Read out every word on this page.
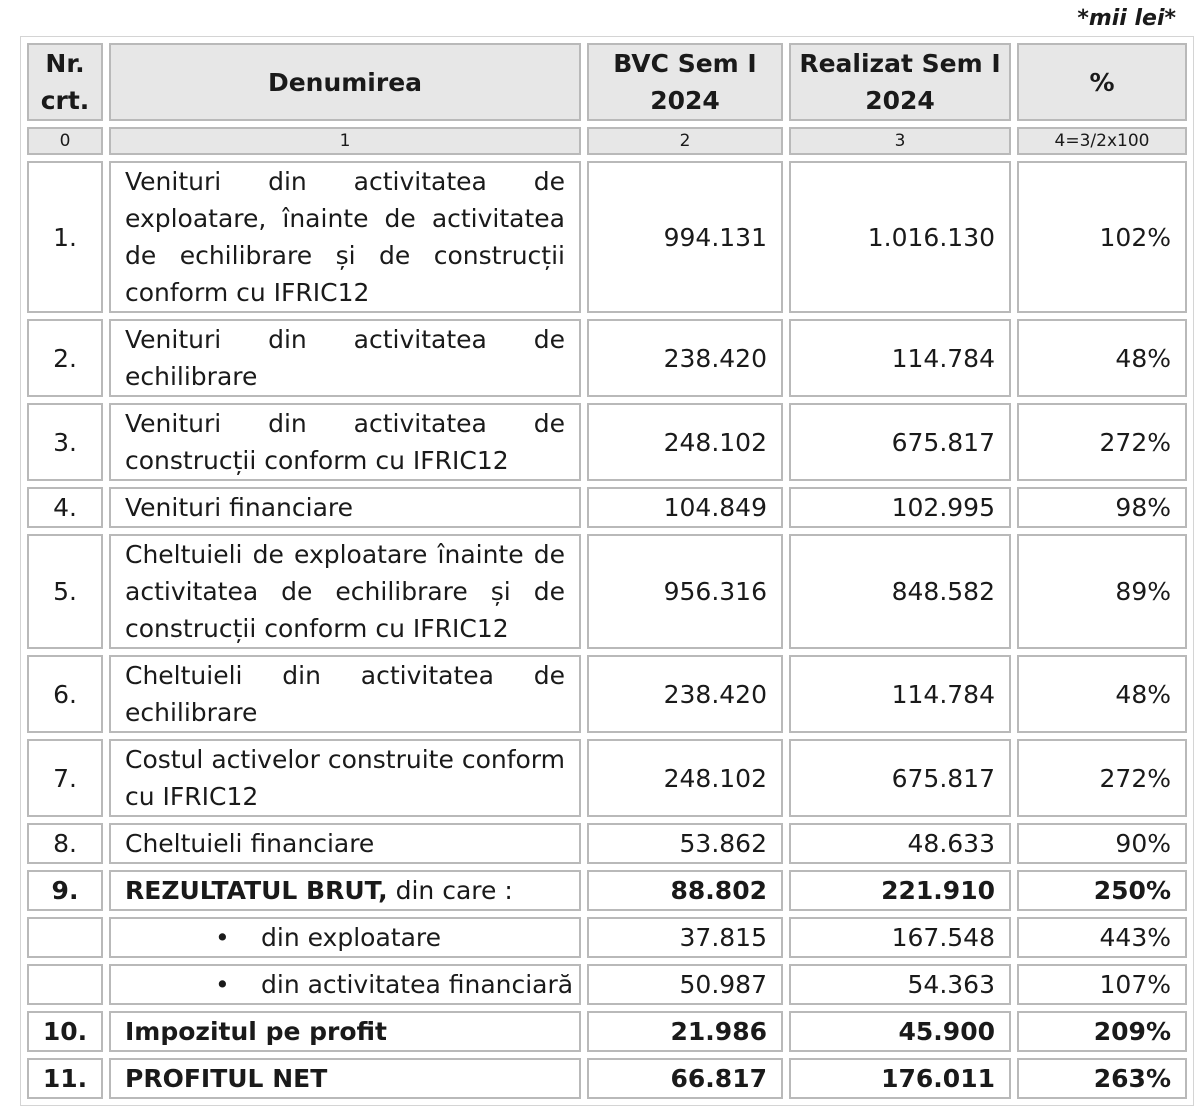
*mii lei*
Nr. crt.	Denumirea	BVC Sem I 2024	Realizat Sem I 2024	%
0	1	2	3	4=3/2x100
1.	Venituri din activitatea de exploatare, înainte de activitatea de echilibrare și de construcții conform cu IFRIC12	994.131	1.016.130	102%
2.	Venituri din activitatea de echilibrare	238.420	114.784	48%
3.	Venituri din activitatea de construcții conform cu IFRIC12	248.102	675.817	272%
4.	Venituri financiare	104.849	102.995	98%
5.	Cheltuieli de exploatare înainte de activitatea de echilibrare și de construcții conform cu IFRIC12	956.316	848.582	89%
6.	Cheltuieli din activitatea de echilibrare	238.420	114.784	48%
7.	Costul activelor construite conform cu IFRIC12	248.102	675.817	272%
8.	Cheltuieli financiare	53.862	48.633	90%
9.	REZULTATUL BRUT, din care :	88.802	221.910	250%

	• din exploatare	37.815	167.548	443%

	• din activitatea financiară	50.987	54.363	107%
10.	Impozitul pe profit	21.986	45.900	209%
11.	PROFITUL NET	66.817	176.011	263%
